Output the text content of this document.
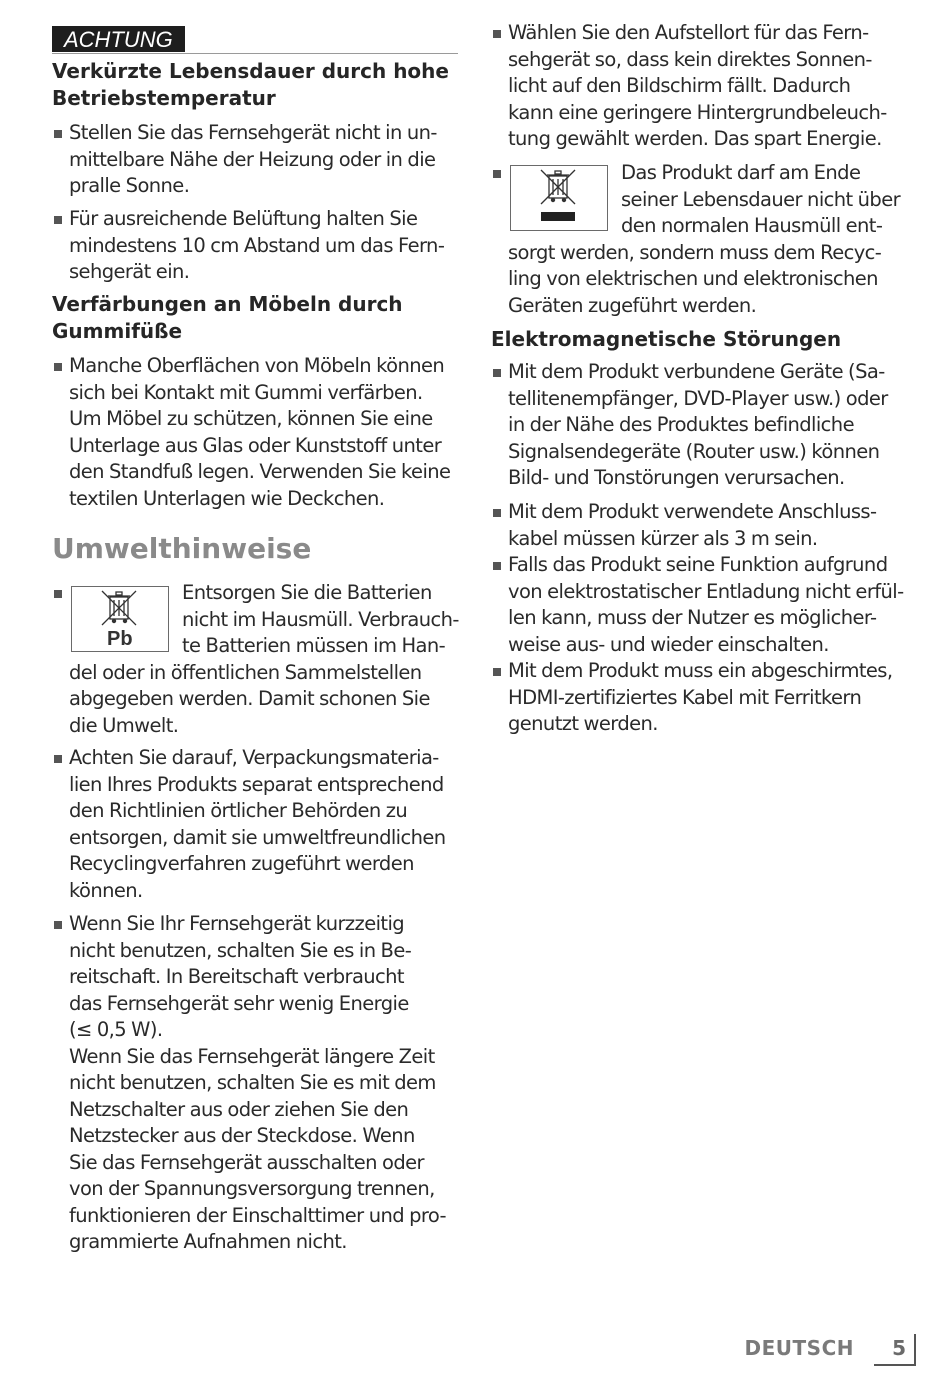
ACHTUNG
Verkürzte Lebensdauer durch hohe Betriebstemperatur

Stellen Sie das Fernsehgerät nicht in un-
mittelbare Nähe der Heizung oder in die
pralle Sonne.

Für ausreichende Belüftung halten Sie
mindestens 10 cm Abstand um das Fern-
sehgerät ein.

Verfärbungen an Möbeln durch Gummifüße

Manche Oberflächen von Möbeln können
sich bei Kontakt mit Gummi verfärben.
Um Möbel zu schützen, können Sie eine
Unterlage aus Glas oder Kunststoff unter
den Standfuß legen. Verwenden Sie keine
textilen Unterlagen wie Deckchen.

Umwelthinweise
Pb

Entsorgen Sie die Batterien
nicht im Hausmüll. Verbrauch-
te Batterien müssen im Han-

del oder in öffentlichen Sammelstellen
abgegeben werden. Damit schonen Sie
die Umwelt.

Achten Sie darauf, Verpackungsmateria-
lien Ihres Produkts separat entsprechend
den Richtlinien örtlicher Behörden zu
entsorgen, damit sie umweltfreundlichen
Recyclingverfahren zugeführt werden
können.

Wenn Sie Ihr Fernsehgerät kurzzeitig
nicht benutzen, schalten Sie es in Be-
reitschaft. In Bereitschaft verbraucht
das Fernsehgerät sehr wenig Energie
(≤ 0,5 W).
Wenn Sie das Fernsehgerät längere Zeit
nicht benutzen, schalten Sie es mit dem
Netzschalter aus oder ziehen Sie den
Netzstecker aus der Steckdose. Wenn
Sie das Fernsehgerät ausschalten oder
von der Spannungsversorgung trennen,
funktionieren der Einschalttimer und pro-
grammierte Aufnahmen nicht.

Wählen Sie den Aufstellort für das Fern-
sehgerät so, dass kein direktes Sonnen-
licht auf den Bildschirm fällt. Dadurch
kann eine geringere Hintergrundbeleuch-
tung gewählt werden. Das spart Energie.

Das Produkt darf am Ende
seiner Lebensdauer nicht über
den normalen Hausmüll ent-

sorgt werden, sondern muss dem Recyc-
ling von elektrischen und elektronischen
Geräten zugeführt werden.

Elektromagnetische Störungen

Mit dem Produkt verbundene Geräte (Sa-
tellitenempfänger, DVD-Player usw.) oder
in der Nähe des Produktes befindliche
Signalsendegeräte (Router usw.) können
Bild- und Tonstörungen verursachen.

Mit dem Produkt verwendete Anschluss-
kabel müssen kürzer als 3 m sein.

Falls das Produkt seine Funktion aufgrund
von elektrostatischer Entladung nicht erfül-
len kann, muss der Nutzer es möglicher-
weise aus- und wieder einschalten.

Mit dem Produkt muss ein abgeschirmtes,
HDMI-zertifiziertes Kabel mit Ferritkern
genutzt werden.

DEUTSCH 5
